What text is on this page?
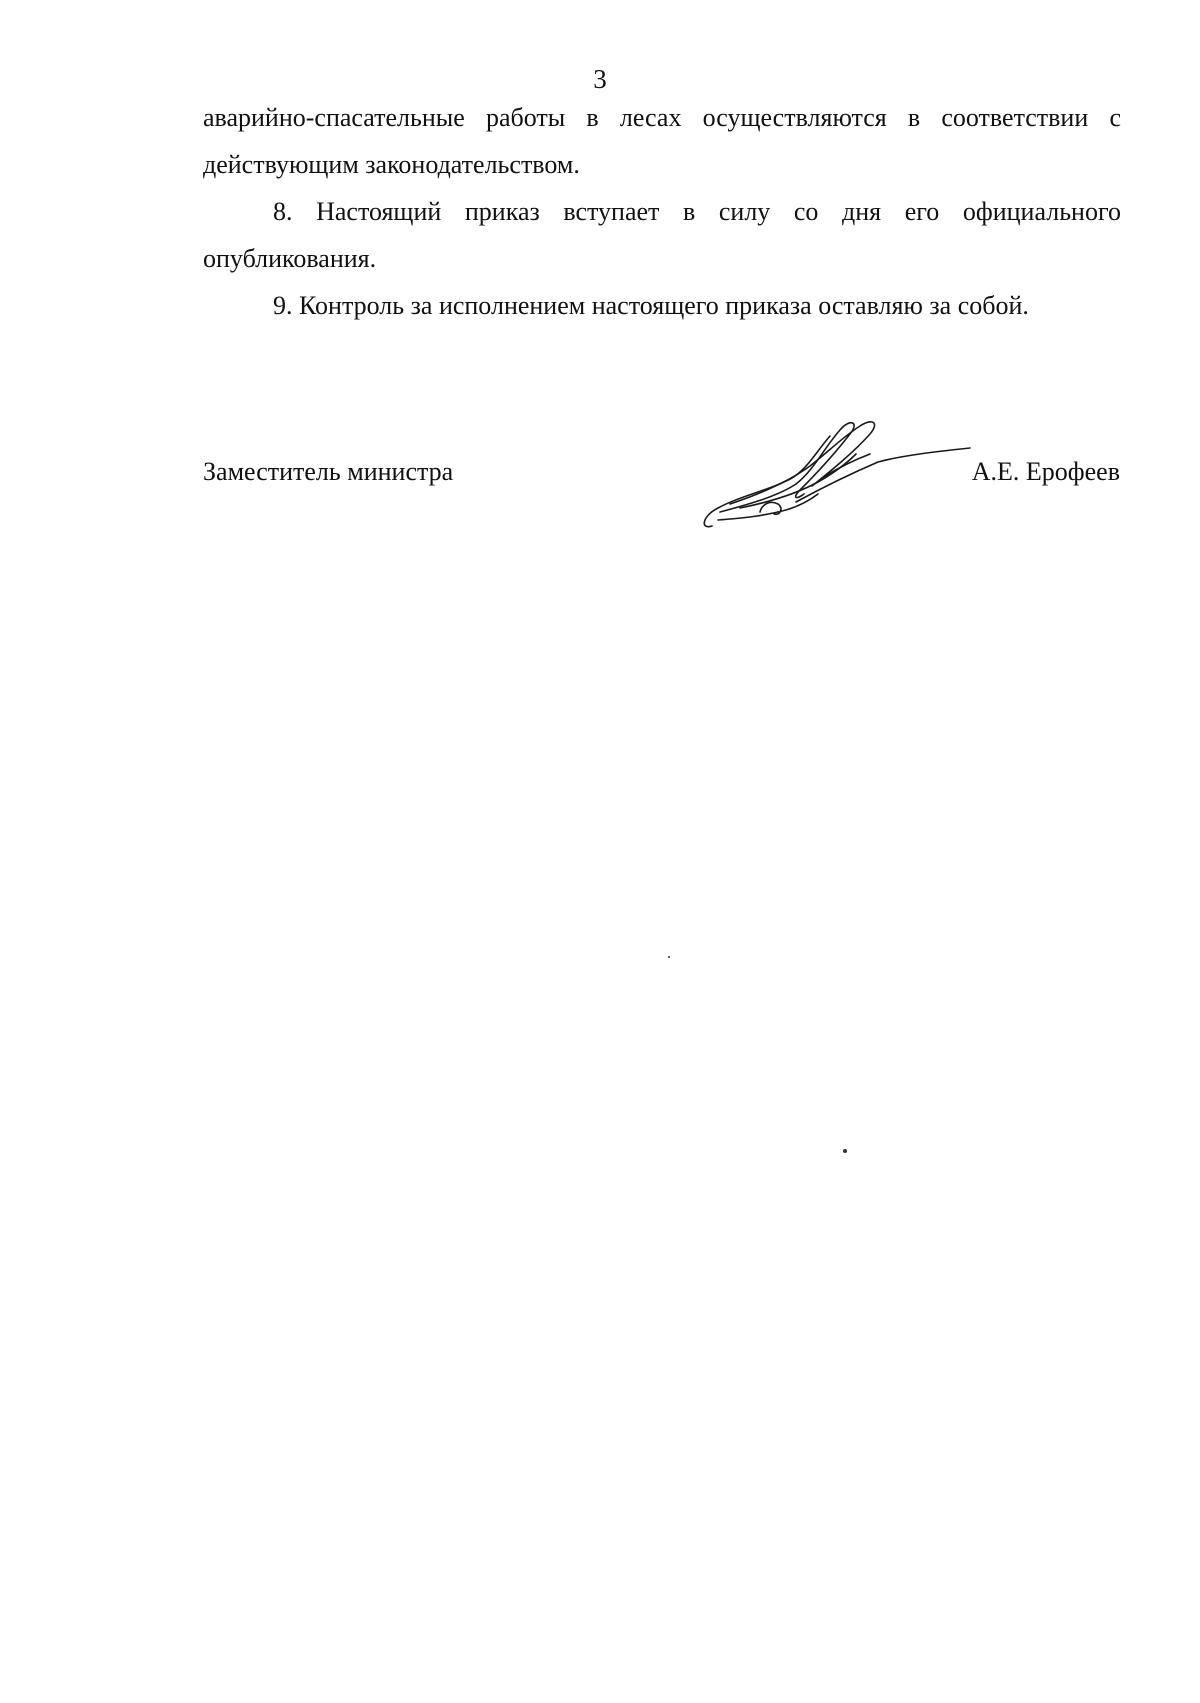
3

аварийно-спасательные работы в лесах осуществляются в соответствии с действующим законодательством.

8. Настоящий приказ вступает в силу со дня его официального опубликования.

9. Контроль за исполнением настоящего приказа оставляю за собой.

Заместитель министра	А.Е. Ерофеев
